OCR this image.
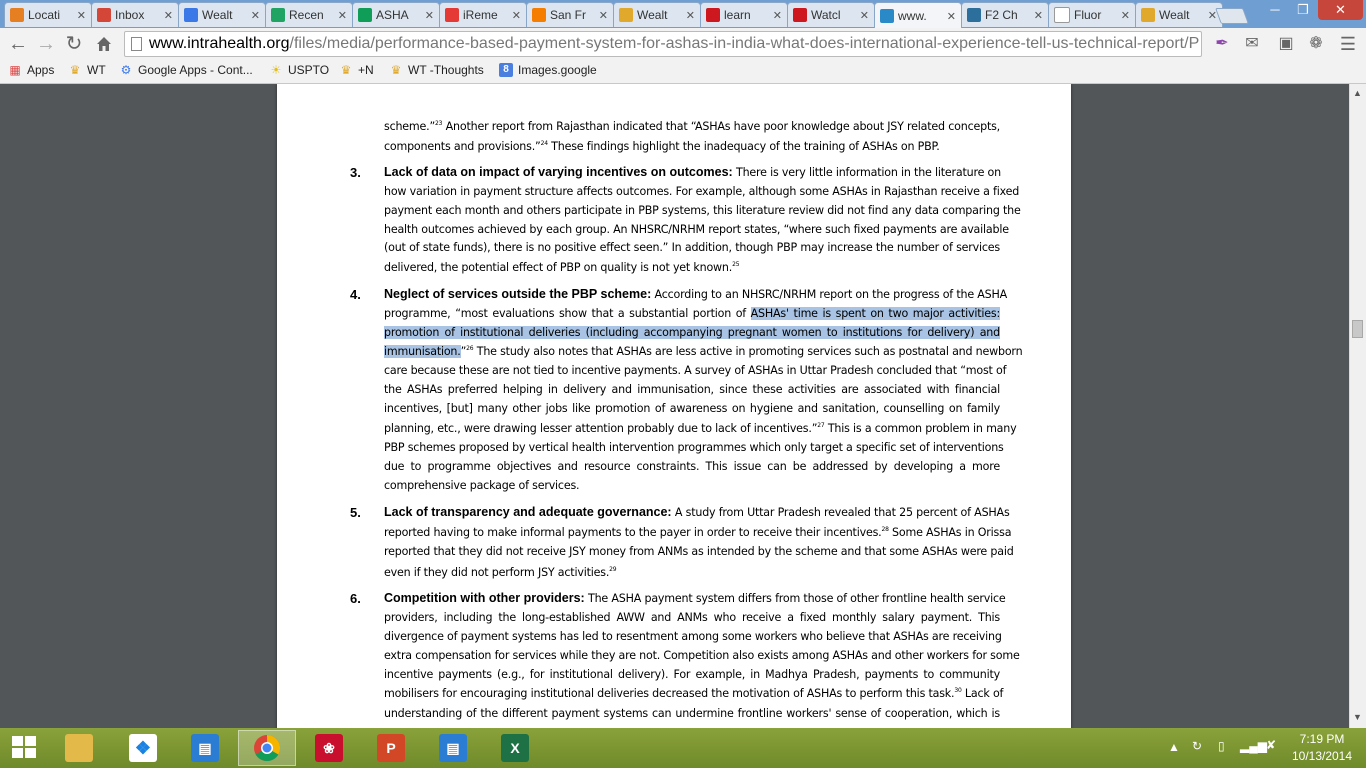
Locati	✕ Inbox	✕ Wealt	✕ Recen	✕ ASHA	✕ iReme	✕ San Fr	✕ Wealt	✕ learn	✕ Watcl	✕ www.	✕ F2 Ch	✕	Fluor	✕ Wealt	✕	─	❐	✕
← → ↻	www.intrahealth.org/files/media/performance-based-payment-system-for-ashas-in-india-what-does-international-experience-tell-us-technical-report/P ✒ ✉ ▣ ❁ ☰
▦ Apps ♛ WT ⚙ Google Apps - Cont... ☀ USPTO ♛ +N ♛ WT -Thoughts	8 Images.google
scheme.”$^{23}$ Another report from Rajasthan indicated that “ASHAs have poor knowledge about JSY related concepts,
components and provisions.”$^{24}$ These findings highlight the inadequacy of the training of ASHAs on PBP.
3. Lack of data on impact of varying incentives on outcomes: There is very little information in the literature on
how variation in payment structure affects outcomes. For example, although some ASHAs in Rajasthan receive a fixed
payment each month and others participate in PBP systems, this literature review did not find any data comparing the
health outcomes achieved by each group. An NHSRC/NRHM report states, “where such fixed payments are available
(out of state funds), there is no positive effect seen.” In addition, though PBP may increase the number of services
delivered, the potential effect of PBP on quality is not yet known.$^{25}$
4. Neglect of services outside the PBP scheme: According to an NHSRC/NRHM report on the progress of the ASHA
programme, “most evaluations show that a substantial portion of ASHAs' time is spent on two major activities:
promotion of institutional deliveries (including accompanying pregnant women to institutions for delivery) and
immunisation.”$^{26}$ The study also notes that ASHAs are less active in promoting services such as postnatal and newborn
care because these are not tied to incentive payments. A survey of ASHAs in Uttar Pradesh concluded that “most of
the ASHAs preferred helping in delivery and immunisation, since these activities are associated with financial
incentives, [but] many other jobs like promotion of awareness on hygiene and sanitation, counselling on family
planning, etc., were drawing lesser attention probably due to lack of incentives.”$^{27}$ This is a common problem in many
PBP schemes proposed by vertical health intervention programmes which only target a specific set of interventions
due to programme objectives and resource constraints. This issue can be addressed by developing a more
comprehensive package of services.
5. Lack of transparency and adequate governance: A study from Uttar Pradesh revealed that 25 percent of ASHAs
reported having to make informal payments to the payer in order to receive their incentives.$^{28}$ Some ASHAs in Orissa
reported that they did not receive JSY money from ANMs as intended by the scheme and that some ASHAs were paid
even if they did not perform JSY activities.$^{29}$
6. Competition with other providers: The ASHA payment system differs from those of other frontline health service
providers, including the long-established AWW and ANMs who receive a fixed monthly salary payment. This
divergence of payment systems has led to resentment among some workers who believe that ASHAs are receiving
extra compensation for services while they are not. Competition also exists among ASHAs and other workers for some
incentive payments (e.g., for institutional delivery). For example, in Madhya Pradesh, payments to community
mobilisers for encouraging institutional deliveries decreased the motivation of ASHAs to perform this task.$^{30}$ Lack of
understanding of the different payment systems can undermine frontline workers' sense of cooperation, which is
▲
▼
❖	▤	❀	P	▤	X	▲ ↻ ▯ ▂▄▆ ✘	7:19 PM
10/13/2014
